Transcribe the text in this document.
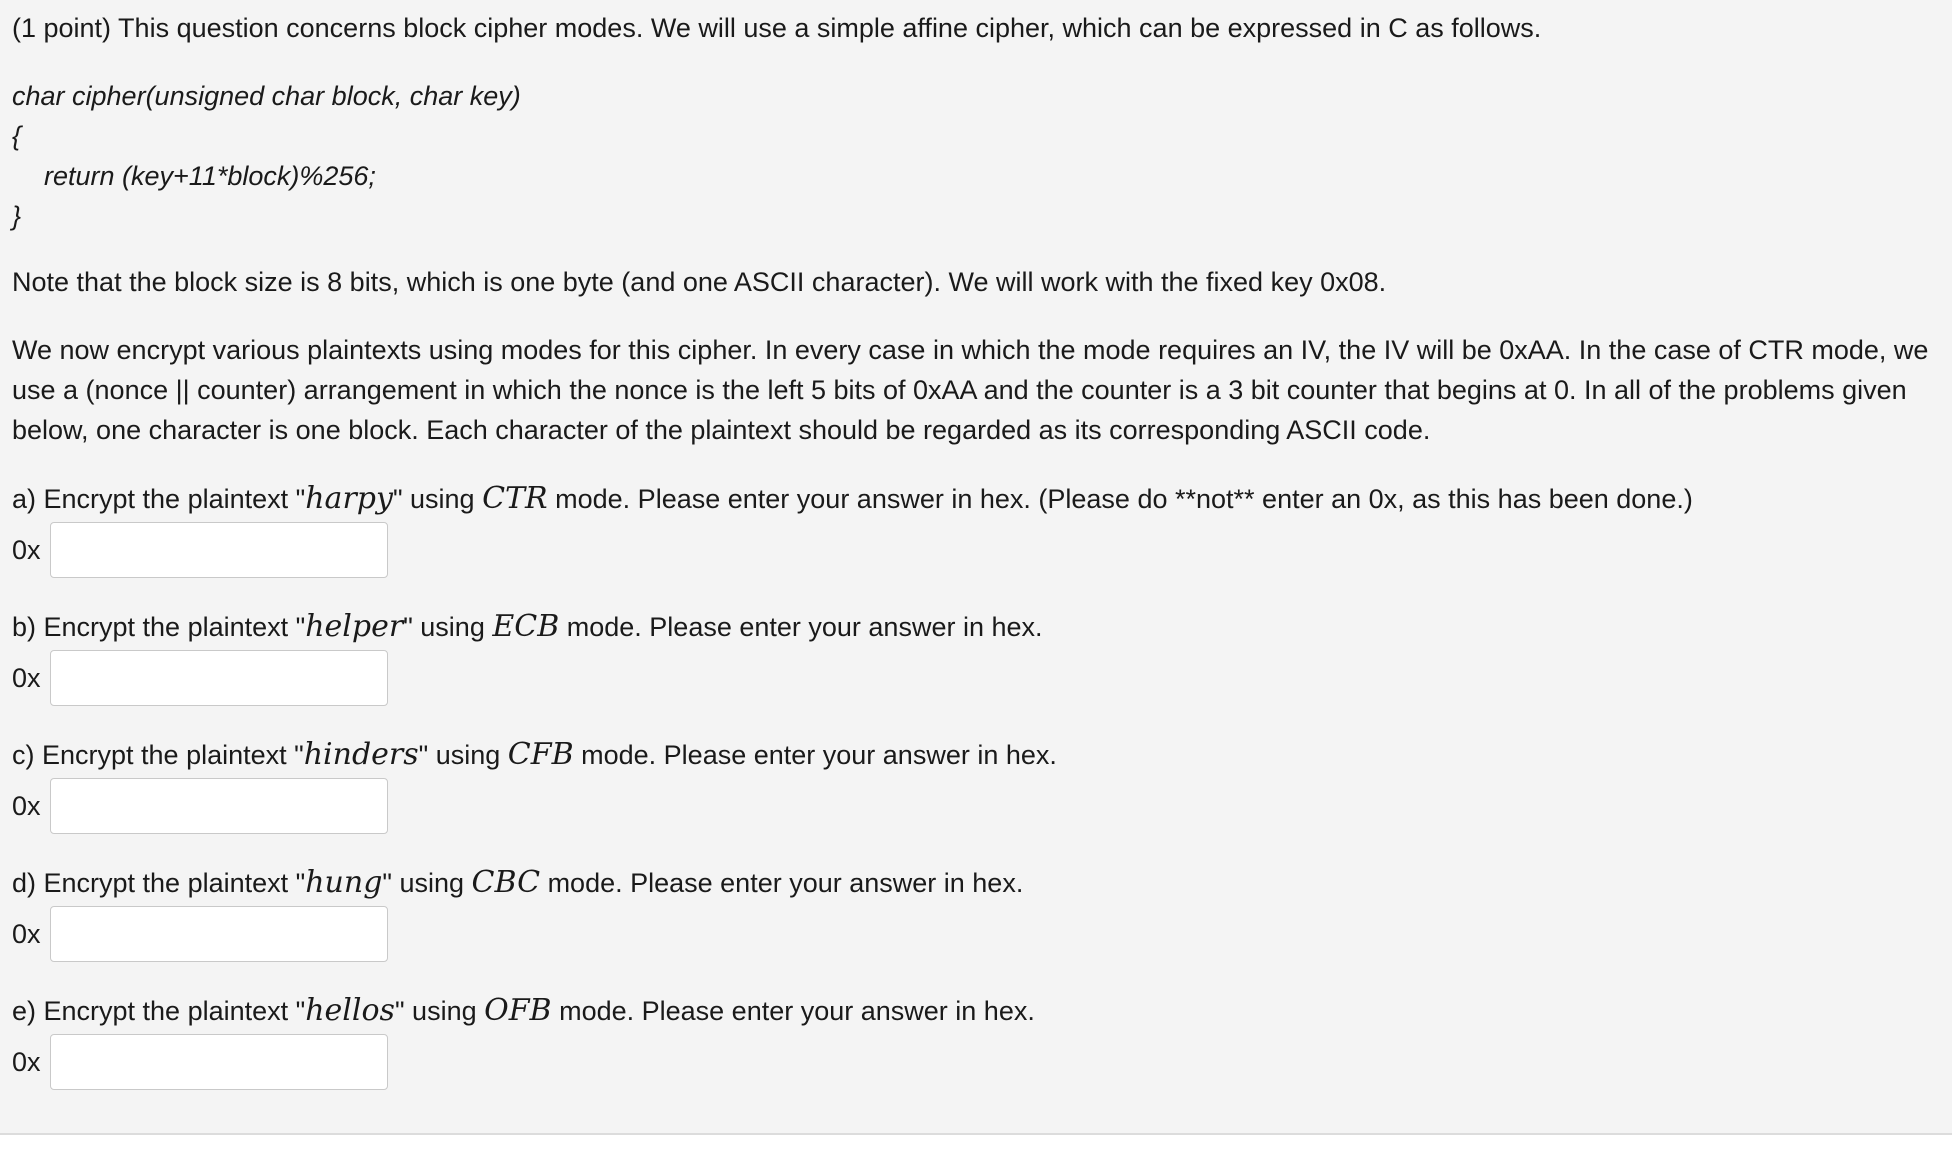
(1 point) This question concerns block cipher modes. We will use a simple affine cipher, which can be expressed in C as follows.

char cipher(unsigned char block, char key)
{
return (key+11*block)%256;
}

Note that the block size is 8 bits, which is one byte (and one ASCII character). We will work with the fixed key 0x08.

We now encrypt various plaintexts using modes for this cipher. In every case in which the mode requires an IV, the IV will be 0xAA. In the case of CTR mode, we use a (nonce || counter) arrangement in which the nonce is the left 5 bits of 0xAA and the counter is a 3 bit counter that begins at 0. In all of the problems given below, one character is one block. Each character of the plaintext should be regarded as its corresponding ASCII code.

a) Encrypt the plaintext "harpy" using CTR mode. Please enter your answer in hex. (Please do **not** enter an 0x, as this has been done.)
0x
b) Encrypt the plaintext "helper" using ECB mode. Please enter your answer in hex.
0x
c) Encrypt the plaintext "hinders" using CFB mode. Please enter your answer in hex.
0x
d) Encrypt the plaintext "hung" using CBC mode. Please enter your answer in hex.
0x
e) Encrypt the plaintext "hellos" using OFB mode. Please enter your answer in hex.
0x
